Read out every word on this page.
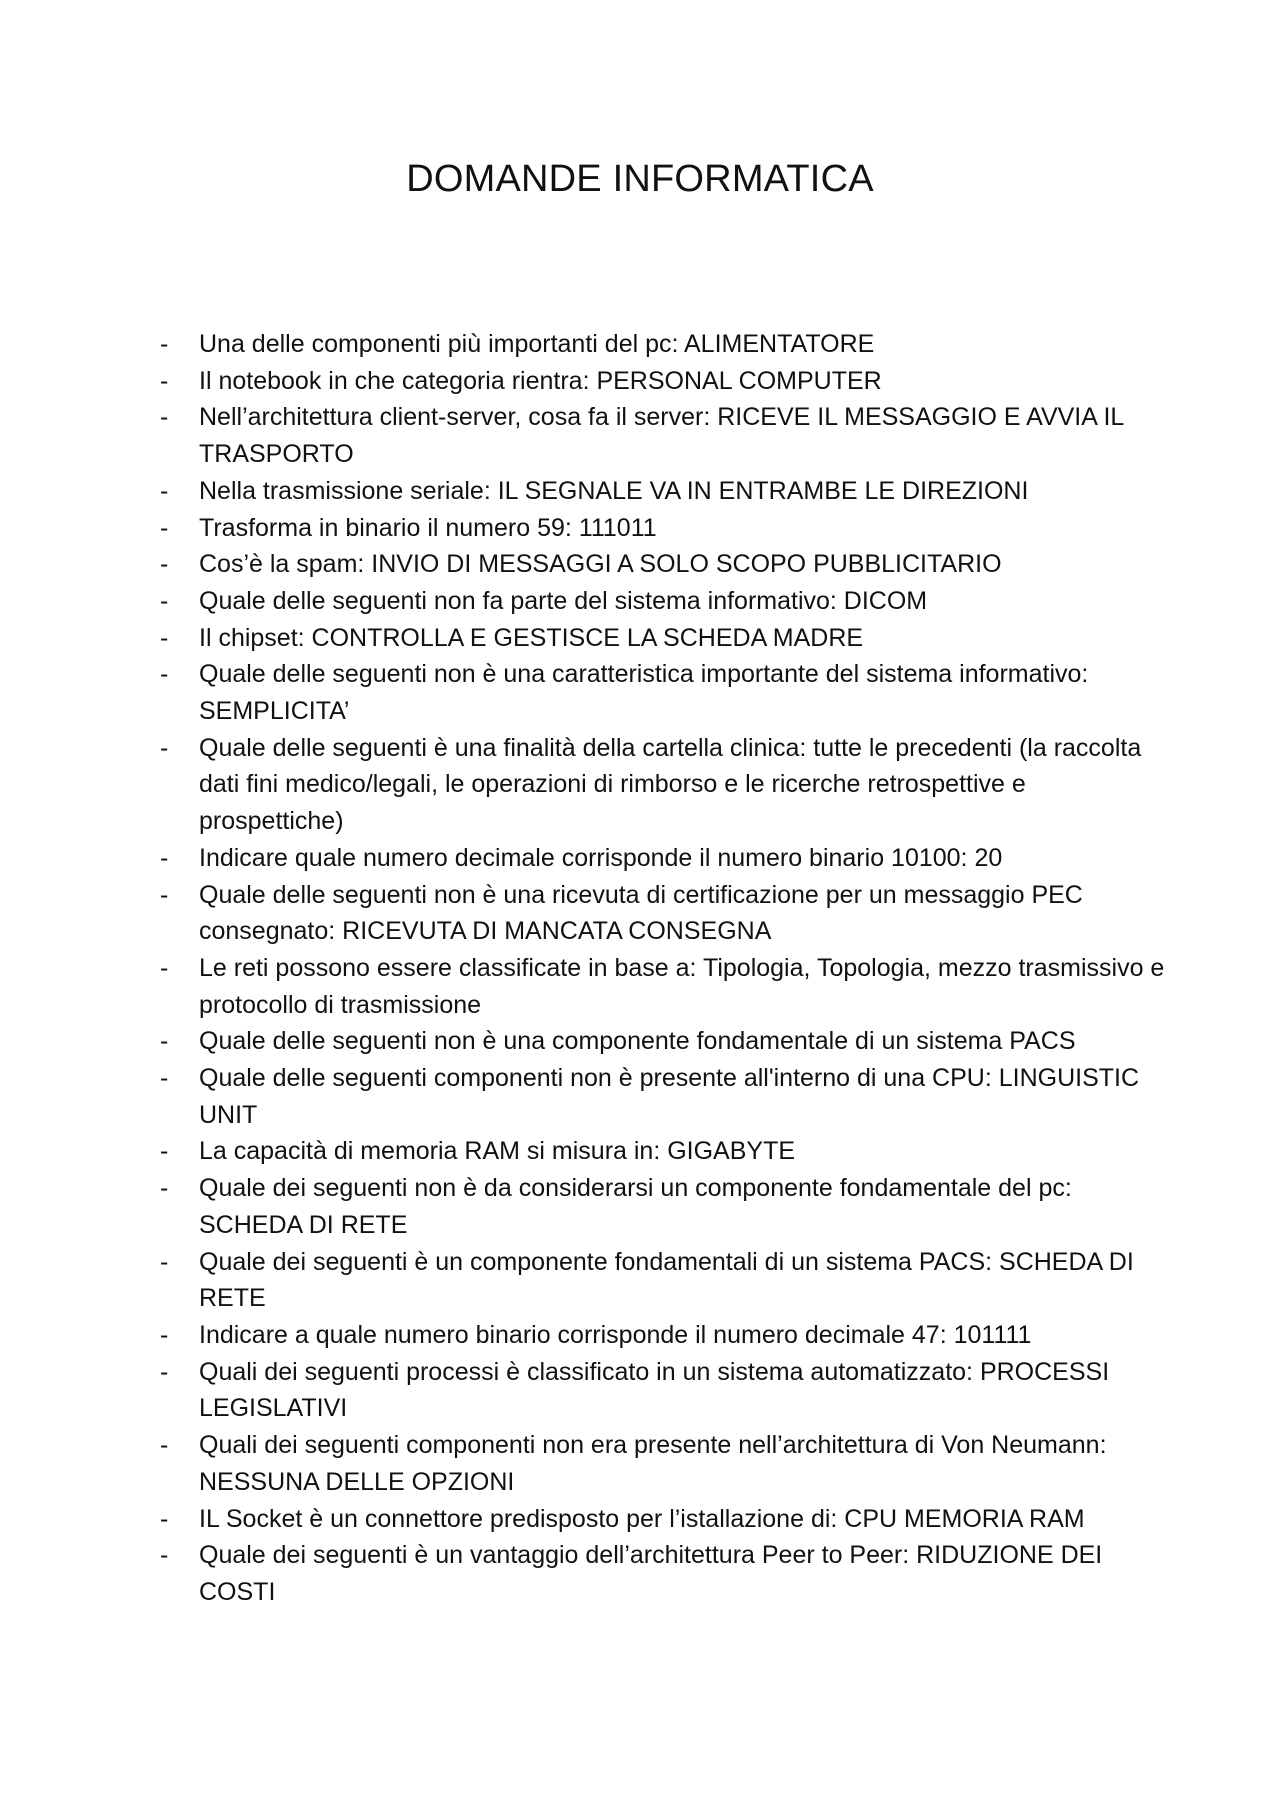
DOMANDE INFORMATICA
- Una delle componenti più importanti del pc: ALIMENTATORE
- Il notebook in che categoria rientra: PERSONAL COMPUTER
- Nell’architettura client-server, cosa fa il server: RICEVE IL MESSAGGIO E AVVIA IL TRASPORTO
- Nella trasmissione seriale: IL SEGNALE VA IN ENTRAMBE LE DIREZIONI
- Trasforma in binario il numero 59: 111011
- Cos’è la spam: INVIO DI MESSAGGI A SOLO SCOPO PUBBLICITARIO
- Quale delle seguenti non fa parte del sistema informativo: DICOM
- Il chipset: CONTROLLA E GESTISCE LA SCHEDA MADRE
- Quale delle seguenti non è una caratteristica importante del sistema informativo: SEMPLICITA’
- Quale delle seguenti è una finalità della cartella clinica: tutte le precedenti (la raccolta dati fini medico/legali, le operazioni di rimborso e le ricerche retrospettive e prospettiche)
- Indicare quale numero decimale corrisponde il numero binario 10100: 20
- Quale delle seguenti non è una ricevuta di certificazione per un messaggio PEC consegnato: RICEVUTA DI MANCATA CONSEGNA
- Le reti possono essere classificate in base a: Tipologia, Topologia, mezzo trasmissivo e protocollo di trasmissione
- Quale delle seguenti non è una componente fondamentale di un sistema PACS
- Quale delle seguenti componenti non è presente all'interno di una CPU: LINGUISTIC UNIT
- La capacità di memoria RAM si misura in: GIGABYTE
- Quale dei seguenti non è da considerarsi un componente fondamentale del pc: SCHEDA DI RETE
- Quale dei seguenti è un componente fondamentali di un sistema PACS: SCHEDA DI RETE
- Indicare a quale numero binario corrisponde il numero decimale 47: 101111
- Quali dei seguenti processi è classificato in un sistema automatizzato: PROCESSI LEGISLATIVI
- Quali dei seguenti componenti non era presente nell’architettura di Von Neumann: NESSUNA DELLE OPZIONI
- IL Socket è un connettore predisposto per l’istallazione di: CPU MEMORIA RAM
- Quale dei seguenti è un vantaggio dell’architettura Peer to Peer: RIDUZIONE DEI COSTI
